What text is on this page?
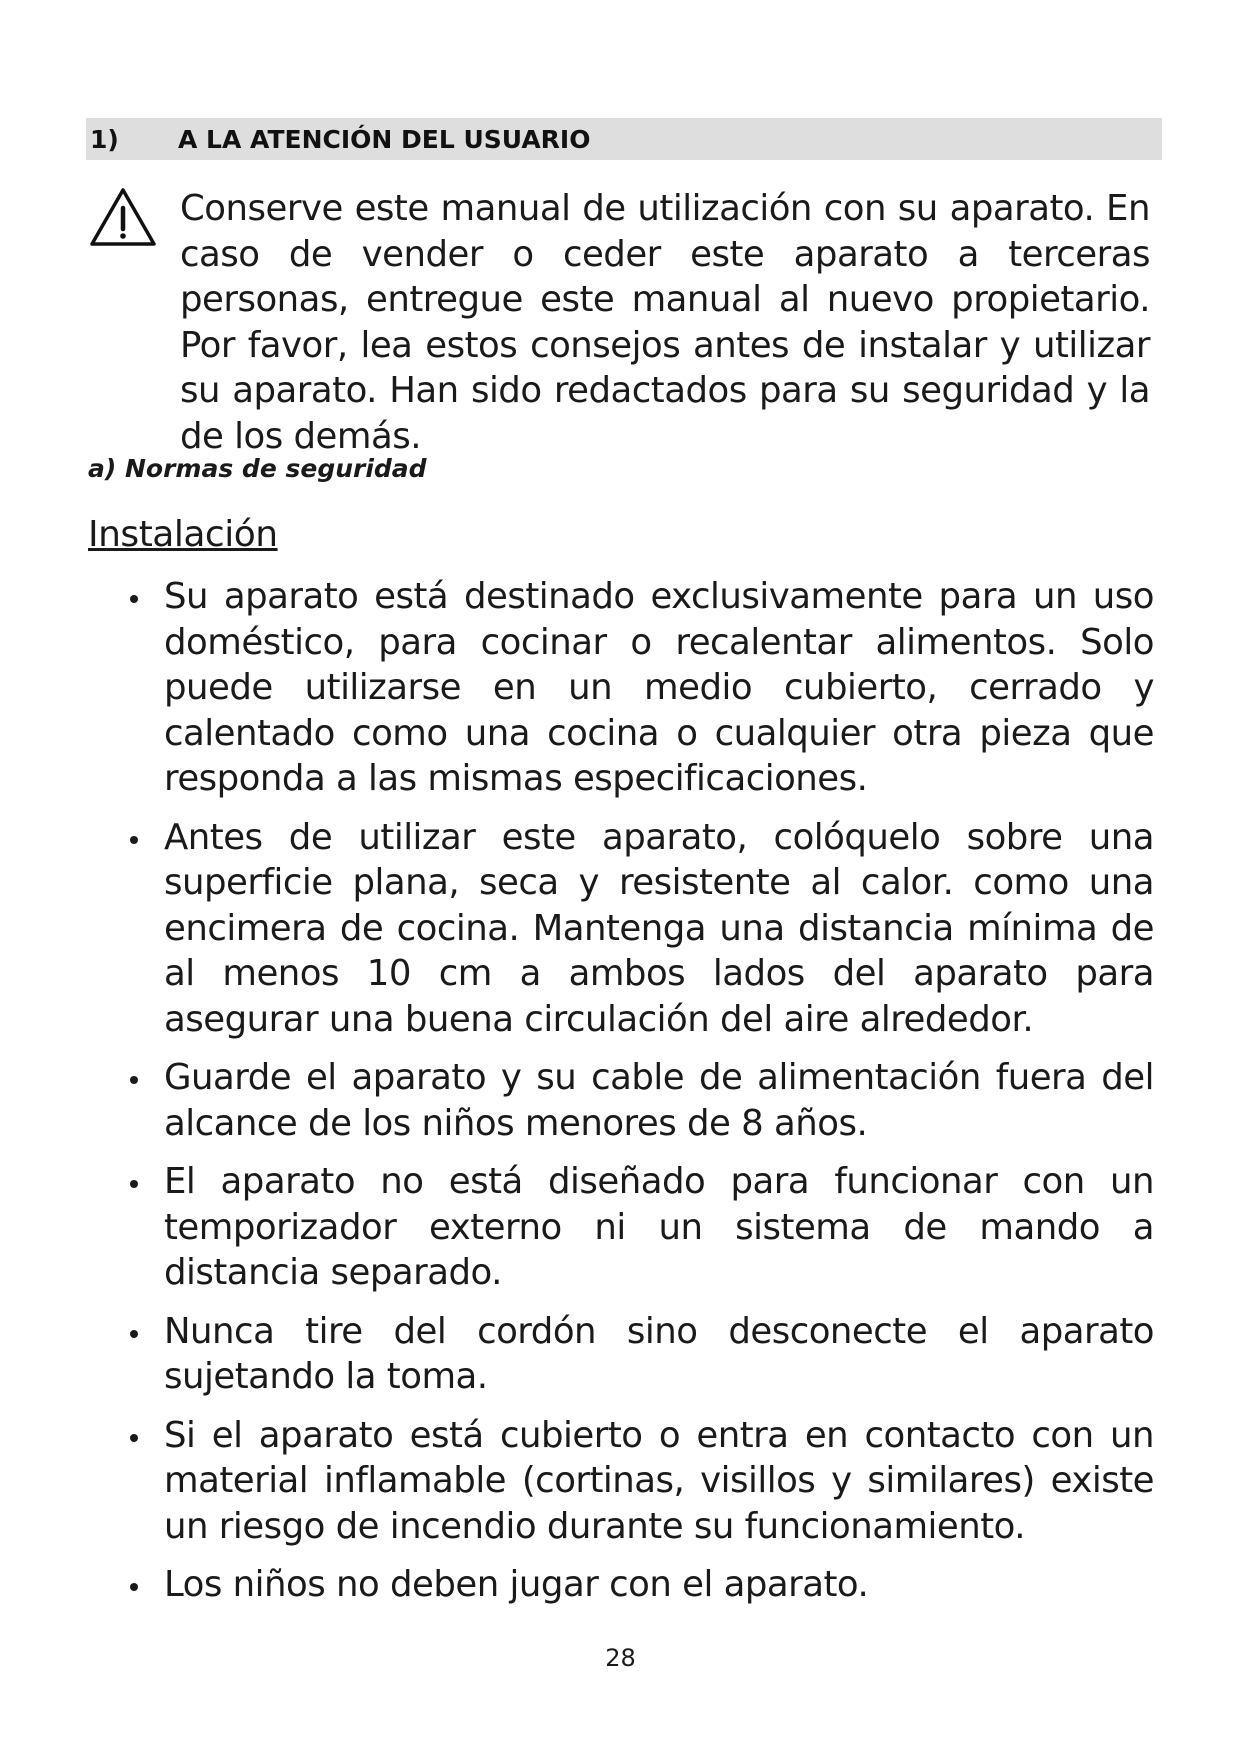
1) A LA ATENCIÓN DEL USUARIO

Conserve este manual de utilización con su aparato. En caso de vender o ceder este aparato a terceras personas, entregue este manual al nuevo propietario. Por favor, lea estos consejos antes de instalar y utilizar su aparato. Han sido redactados para su seguridad y la de los demás.

a) Normas de seguridad

Instalación

Su aparato está destinado exclusivamente para un uso doméstico, para cocinar o recalentar alimentos. Solo puede utilizarse en un medio cubierto, cerrado y calentado como una cocina o cualquier otra pieza que responda a las mismas especificaciones.
Antes de utilizar este aparato, colóquelo sobre una superficie plana, seca y resistente al calor. como una encimera de cocina. Mantenga una distancia mínima de al menos 10 cm a ambos lados del aparato para asegurar una buena circulación del aire alrededor.
Guarde el aparato y su cable de alimentación fuera del alcance de los niños menores de 8 años.
El aparato no está diseñado para funcionar con un temporizador externo ni un sistema de mando a distancia separado.
Nunca tire del cordón sino desconecte el aparato sujetando la toma.
Si el aparato está cubierto o entra en contacto con un material inflamable (cortinas, visillos y similares) existe un riesgo de incendio durante su funcionamiento.
Los niños no deben jugar con el aparato.

28
